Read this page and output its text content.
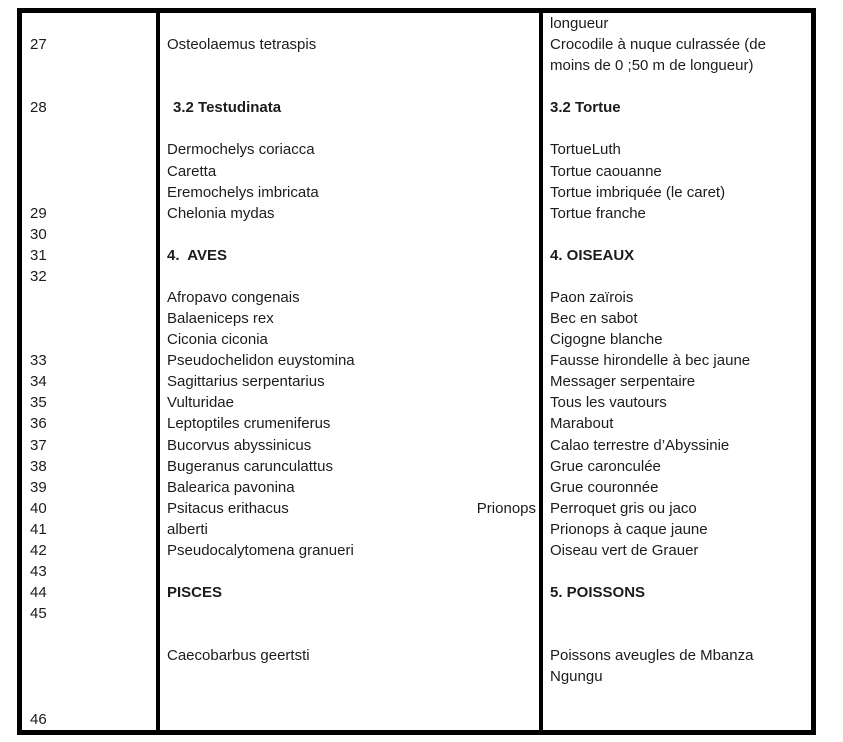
27

28

29
30
31
32

33
34
35
36
37
38
39
40
41
42
43
44
45

46

Osteolaemus tetraspis

3.2 Testudinata

Dermochelys coriacca
Caretta
Eremochelys imbricata
Chelonia mydas

4.  AVES

Afropavo congenais
Balaeniceps rex
Ciconia ciconia
Pseudochelidon euystomina
Sagittarius serpentarius
Vulturidae
Leptoptiles crumeniferus
Bucorvus abyssinicus
Bugeranus carunculattus
Balearica pavonina
Prionops
Psitacus erithacus
alberti
Pseudocalytomena granueri

PISCES

Caecobarbus geertsti

longueur
Crocodile à nuque culrassée (de
moins de 0 ;50 m de longueur)

3.2 Tortue

TortueLuth
Tortue caouanne
Tortue imbriquée (le caret)
Tortue franche

4. OISEAUX

Paon zaïrois
Bec en sabot
Cigogne blanche
Fausse hirondelle à bec jaune
Messager serpentaire
Tous les vautours
Marabout
Calao terrestre d’Abyssinie
Grue caronculée
Grue couronnée
Perroquet gris ou jaco
Prionops à caque jaune
Oiseau vert de Grauer

5. POISSONS

Poissons aveugles de Mbanza
Ngungu
